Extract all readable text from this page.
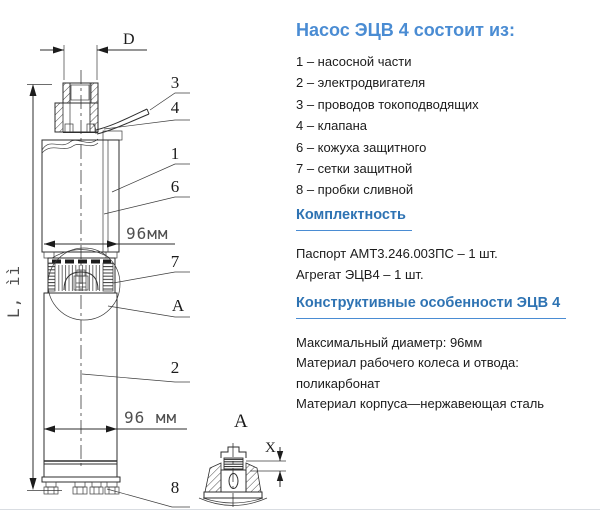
L, ìì
D
96мм
96 мм
3
4
1
6
7
A
2
8
A
X
Насос ЭЦВ 4 состоит из:
1 – насосной части
2 – электродвигателя
3 – проводов токоподводящих
4 – клапана
6 – кожуха защитного
7 – сетки защитной
8 – пробки сливной
Комплектность

Паспорт АМТ3.246.003ПС – 1 шт.

Агрегат ЭЦВ4 – 1 шт.

Конструктивные особенности ЭЦВ 4

Максимальный диаметр: 96мм

Материал рабочего колеса и отвода: поликарбонат

Материал корпуса—нержавеющая сталь
